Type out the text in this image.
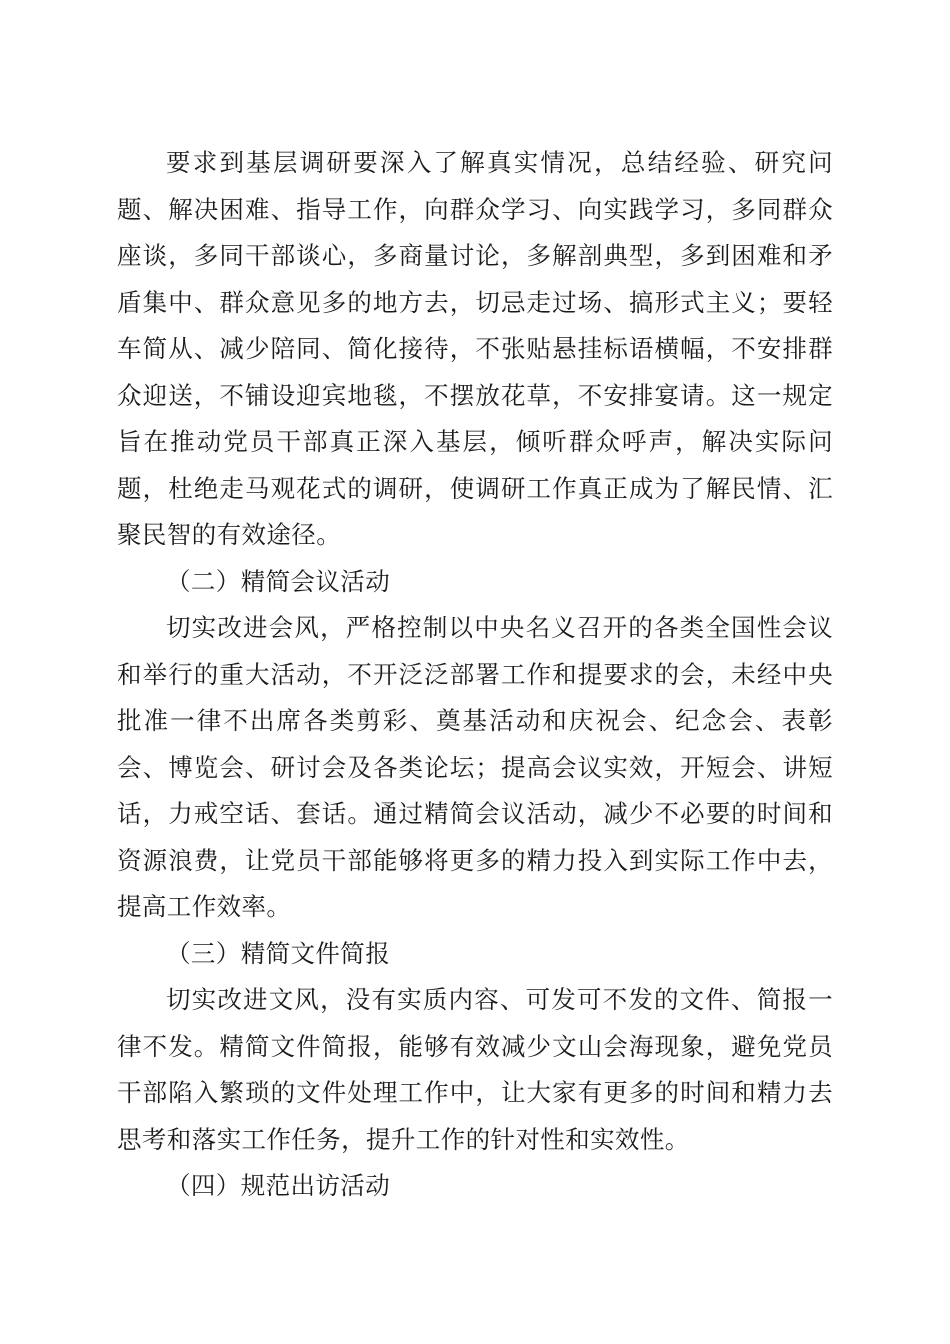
要求到基层调研要深入了解真实情况，总结经验、研究问题、解决困难、指导工作，向群众学习、向实践学习，多同群众座谈，多同干部谈心，多商量讨论，多解剖典型，多到困难和矛盾集中、群众意见多的地方去，切忌走过场、搞形式主义；要轻车简从、减少陪同、简化接待，不张贴悬挂标语横幅，不安排群众迎送，不铺设迎宾地毯，不摆放花草，不安排宴请。这一规定旨在推动党员干部真正深入基层，倾听群众呼声，解决实际问题，杜绝走马观花式的调研，使调研工作真正成为了解民情、汇聚民智的有效途径。

（二）精简会议活动

切实改进会风，严格控制以中央名义召开的各类全国性会议和举行的重大活动，不开泛泛部署工作和提要求的会，未经中央批准一律不出席各类剪彩、奠基活动和庆祝会、纪念会、表彰会、博览会、研讨会及各类论坛；提高会议实效，开短会、讲短话，力戒空话、套话。通过精简会议活动，减少不必要的时间和资源浪费，让党员干部能够将更多的精力投入到实际工作中去，提高工作效率。

（三）精简文件简报

切实改进文风，没有实质内容、可发可不发的文件、简报一律不发。精简文件简报，能够有效减少文山会海现象，避免党员干部陷入繁琐的文件处理工作中，让大家有更多的时间和精力去思考和落实工作任务，提升工作的针对性和实效性。

（四）规范出访活动
